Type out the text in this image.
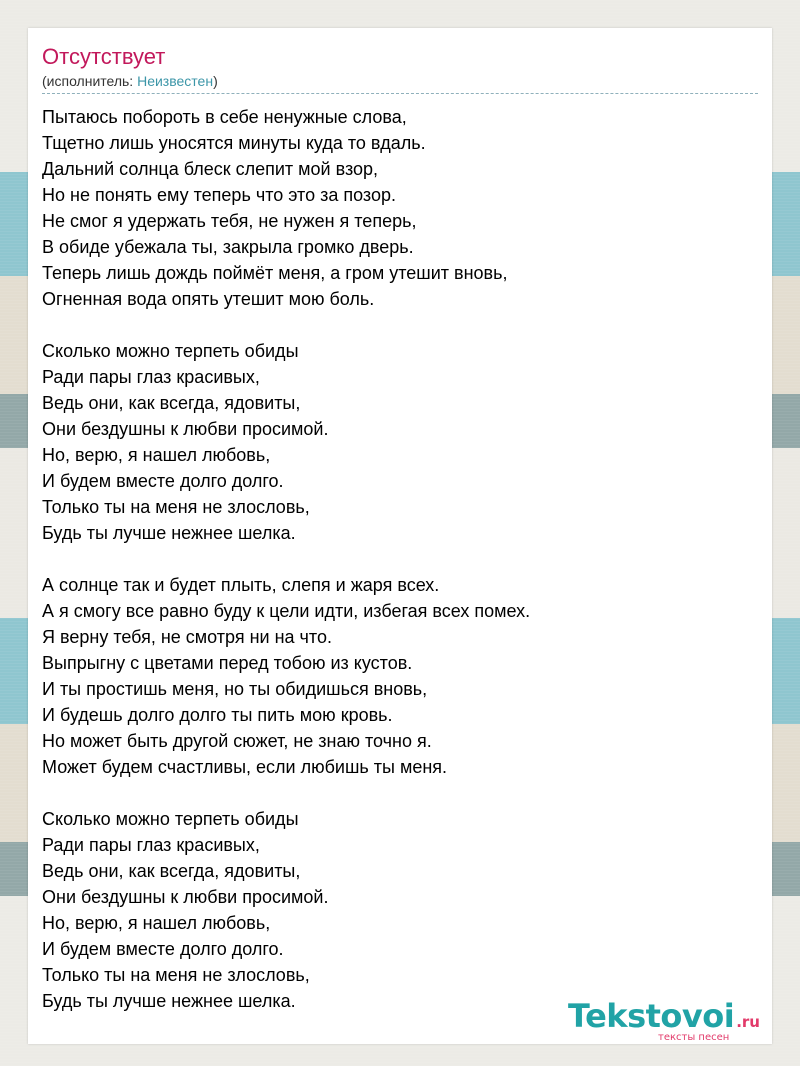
Отсутствует
(исполнитель: Неизвестен)
Пытаюсь побороть в себе ненужные слова,
Тщетно лишь уносятся минуты куда то вдаль.
Дальний солнца блеск слепит мой взор,
Но не понять ему теперь что это за позор.
Не смог я удержать тебя, не нужен я теперь,
В обиде убежала ты, закрыла громко дверь.
Теперь лишь дождь поймёт меня, а гром утешит вновь,
Огненная вода опять утешит мою боль.
Сколько можно терпеть обиды
Ради пары глаз красивых,
Ведь они, как всегда, ядовиты,
Они бездушны к любви просимой.
Но, верю, я нашел любовь,
И будем вместе долго долго.
Только ты на меня не злословь,
Будь ты лучше нежнее шелка.
А солнце так и будет плыть, слепя и жаря всех.
А я смогу все равно буду к цели идти, избегая всех помех.
Я верну тебя, не смотря ни на что.
Выпрыгну с цветами перед тобою из кустов.
И ты простишь меня, но ты обидишься вновь,
И будешь долго долго ты пить мою кровь.
Но может быть другой сюжет, не знаю точно я.
Может будем счастливы, если любишь ты меня.
Сколько можно терпеть обиды
Ради пары глаз красивых,
Ведь они, как всегда, ядовиты,
Они бездушны к любви просимой.
Но, верю, я нашел любовь,
И будем вместе долго долго.
Только ты на меня не злословь,
Будь ты лучше нежнее шелка.	Tekstovoi .ru
тексты песен
